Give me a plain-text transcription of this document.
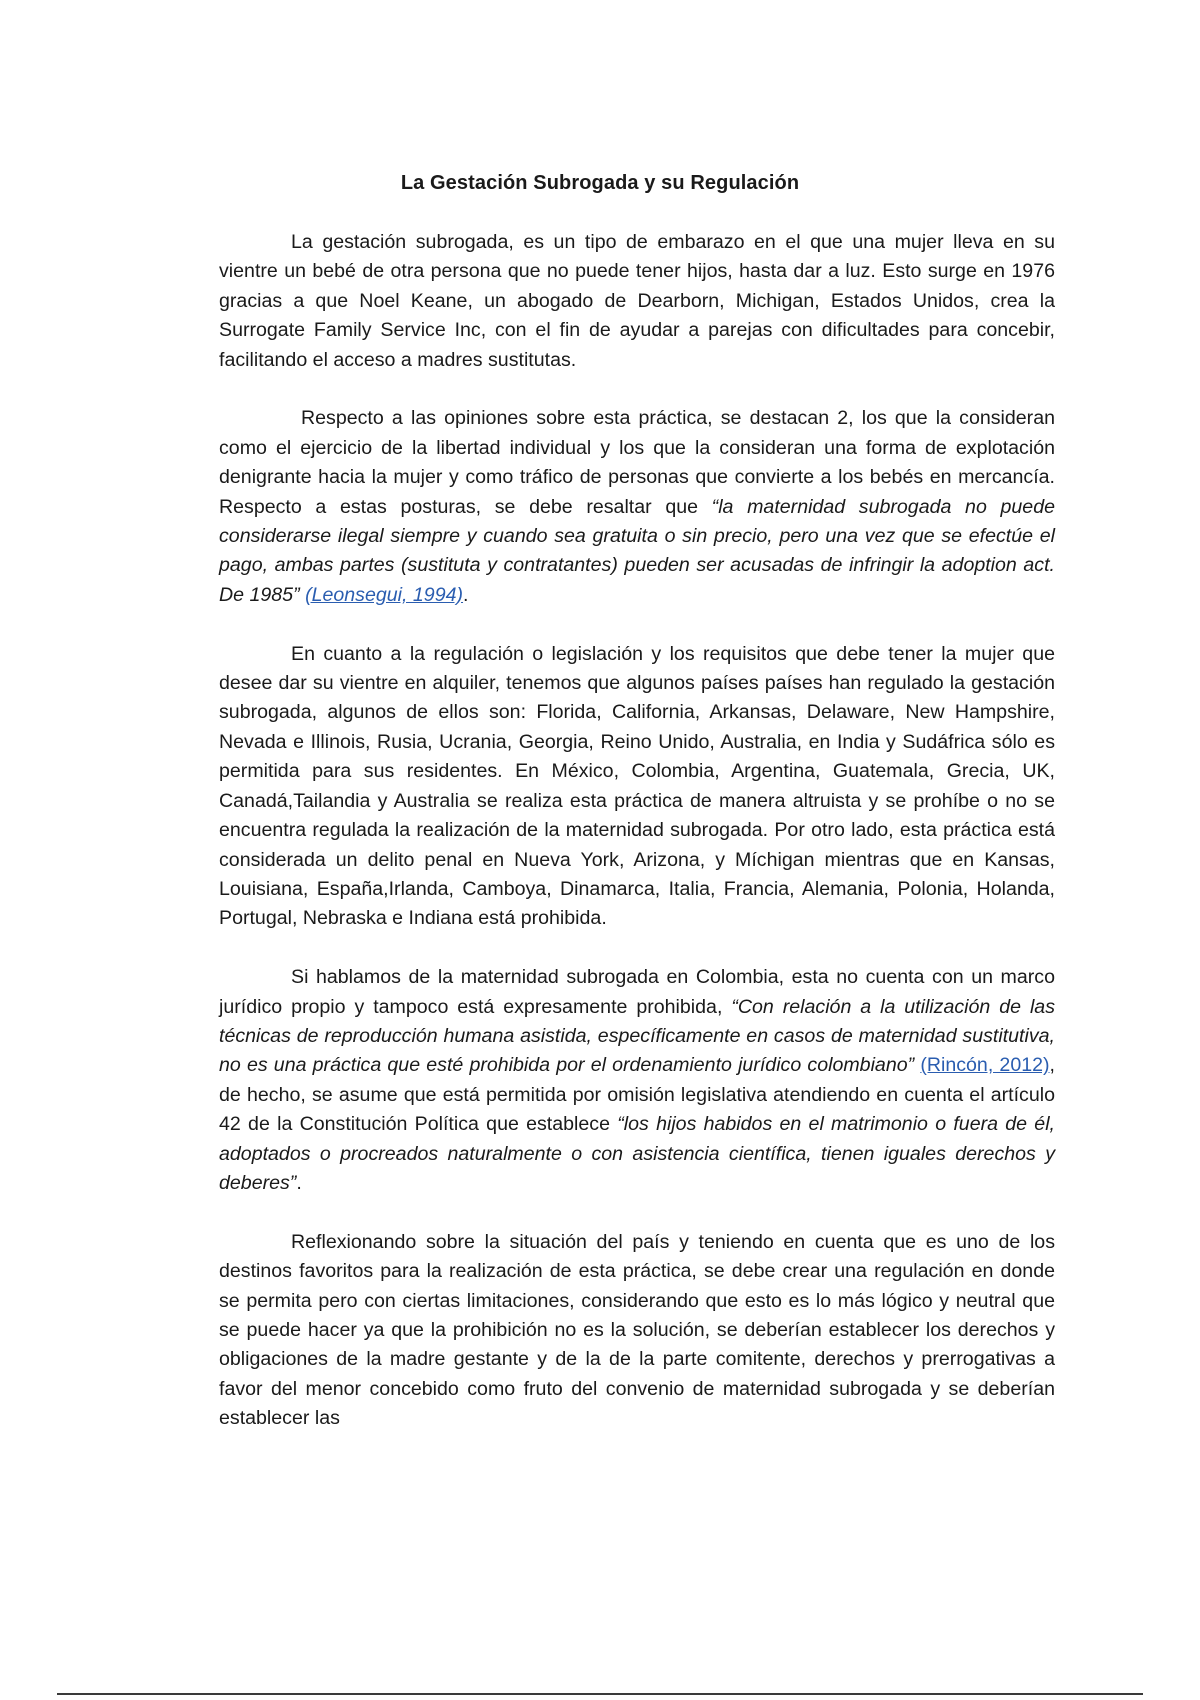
La Gestación Subrogada y su Regulación

La gestación subrogada, es un tipo de embarazo en el que una mujer lleva en su vientre un bebé de otra persona que no puede tener hijos, hasta dar a luz. Esto surge en 1976 gracias a que Noel Keane, un abogado de Dearborn, Michigan, Estados Unidos, crea la Surrogate Family Service Inc, con el fin de ayudar a parejas con dificultades para concebir, facilitando el acceso a madres sustitutas.

Respecto a las opiniones sobre esta práctica, se destacan 2, los que la consideran como el ejercicio de la libertad individual y los que la consideran una forma de explotación denigrante hacia la mujer y como tráfico de personas que convierte a los bebés en mercancía. Respecto a estas posturas, se debe resaltar que “la maternidad subrogada no puede considerarse ilegal siempre y cuando sea gratuita o sin precio, pero una vez que se efectúe el pago, ambas partes (sustituta y contratantes) pueden ser acusadas de infringir la adoption act. De 1985” (Leonsegui, 1994).

En cuanto a la regulación o legislación y los requisitos que debe tener la mujer que desee dar su vientre en alquiler, tenemos que algunos países países han regulado la gestación subrogada, algunos de ellos son: Florida, California, Arkansas, Delaware, New Hampshire, Nevada e Illinois, Rusia, Ucrania, Georgia, Reino Unido, Australia, en India y Sudáfrica sólo es permitida para sus residentes. En México, Colombia, Argentina, Guatemala, Grecia, UK, Canadá,Tailandia y Australia se realiza esta práctica de manera altruista y se prohíbe o no se encuentra regulada la realización de la maternidad subrogada. Por otro lado, esta práctica está considerada un delito penal en Nueva York, Arizona, y Míchigan mientras que en Kansas, Louisiana, España,Irlanda, Camboya, Dinamarca, Italia, Francia, Alemania, Polonia, Holanda, Portugal, Nebraska e Indiana está prohibida.

Si hablamos de la maternidad subrogada en Colombia, esta no cuenta con un marco jurídico propio y tampoco está expresamente prohibida, “Con relación a la utilización de las técnicas de reproducción humana asistida, específicamente en casos de maternidad sustitutiva, no es una práctica que esté prohibida por el ordenamiento jurídico colombiano” (Rincón, 2012), de hecho, se asume que está permitida por omisión legislativa atendiendo en cuenta el artículo 42 de la Constitución Política que establece “los hijos habidos en el matrimonio o fuera de él, adoptados o procreados naturalmente o con asistencia científica, tienen iguales derechos y deberes”.

Reflexionando sobre la situación del país y teniendo en cuenta que es uno de los destinos favoritos para la realización de esta práctica, se debe crear una regulación en donde se permita pero con ciertas limitaciones, considerando que esto es lo más lógico y neutral que se puede hacer ya que la prohibición no es la solución, se deberían establecer los derechos y obligaciones de la madre gestante y de la de la parte comitente, derechos y prerrogativas a favor del menor concebido como fruto del convenio de maternidad subrogada y se deberían establecer las
